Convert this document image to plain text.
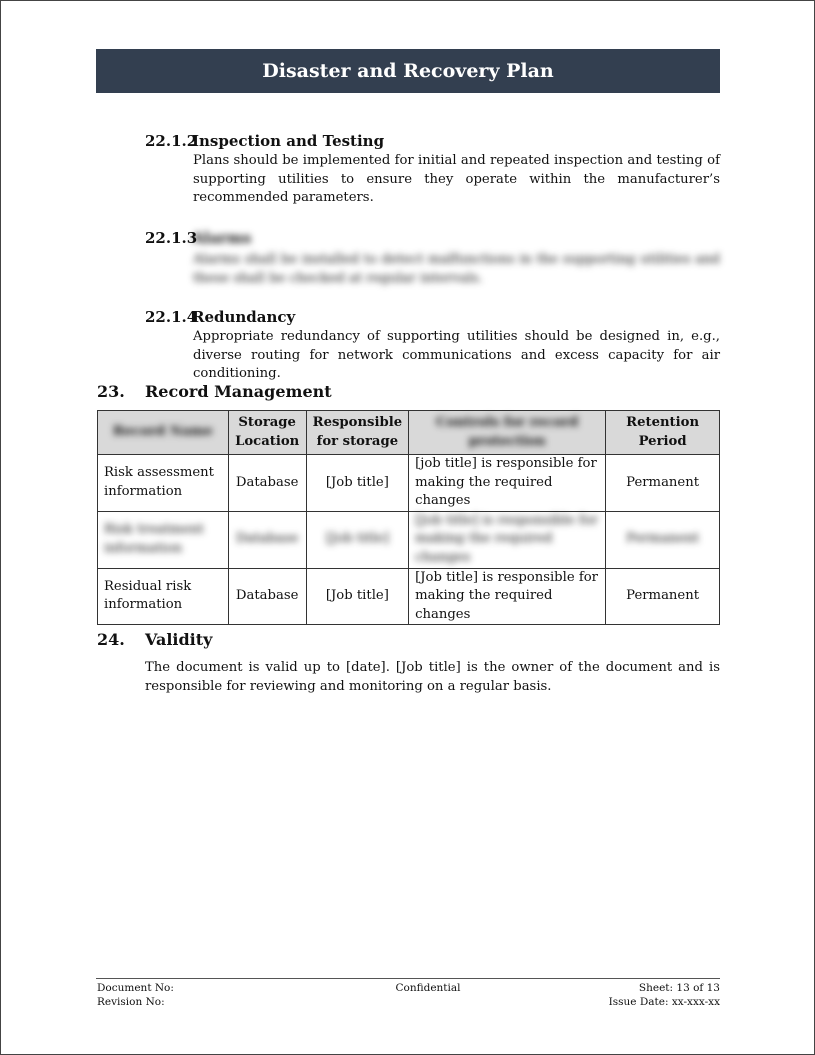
Disaster and Recovery Plan
22.1.2Inspection and Testing
Plans should be implemented for initial and repeated inspection and testing of supporting utilities to ensure they operate within the manufacturer’s recommended parameters.
22.1.3Alarms
Alarms shall be installed to detect malfunctions in the supporting utilities and these shall be checked at regular intervals.
22.1.4Redundancy
Appropriate redundancy of supporting utilities should be designed in, e.g., diverse routing for network communications and excess capacity for air conditioning.
23. Record Management
Record Name	Storage Location	Responsible for storage	Controls for record protection	Retention Period
Risk assessment information	Database	[Job title]	[job title] is responsible for making the required changes	Permanent

Risk treatment information	Database	[Job title]	[Job title] is responsible for making the required changes	Permanent

Residual risk information	Database	[Job title]	[Job title] is responsible for making the required changes	Permanent
24. Validity
The document is valid up to [date]. [Job title] is the owner of the document and is responsible for reviewing and monitoring on a regular basis.
Document No:
Revision No:
Confidential	Sheet: 13 of 13
Issue Date: xx-xxx-xx
